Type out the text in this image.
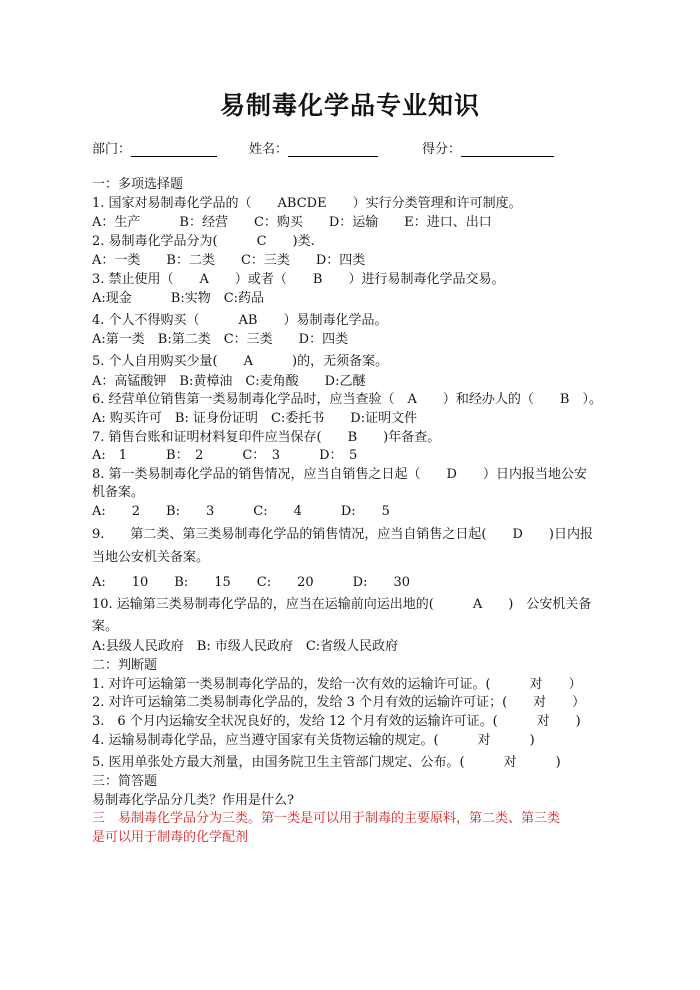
易制毒化学品专业知识
部门：	姓名：	得分：
一：多项选择题
1. 国家对易制毒化学品的（　　ABCDE　　）实行分类管理和许可制度。
A：生产　　　B：经营　　C：购买　　D：运输　　E：进口、出口
2. 易制毒化学品分为(　　　C　　)类.
A：一类　　B：二类　　C：三类　　D：四类
3. 禁止使用（　　A　　）或者（　　B　　）进行易制毒化学品交易。
A:现金　　　B:实物　C:药品
4. 个人不得购买（　　　AB　　）易制毒化学品。
A:第一类　B:第二类　C：三类　　D：四类
5. 个人自用购买少量(　　A　　　)的，无须备案。
A：高锰酸钾　B:黄樟油　C:麦角酸　　D:乙醚
6. 经营单位销售第一类易制毒化学品时，应当查验（　A　　）和经办人的（　　B　）。
A: 购买许可　B: 证身份证明　C:委托书　　D:证明文件
7. 销售台账和证明材料复印件应当保存(　　B　　)年备查。
A:　1　　　B：　2　　　C：　3　　　D：　5
8. 第一类易制毒化学品的销售情况，应当自销售之日起（　　D　　）日内报当地公安
机备案。
A:　　2　　B:　　3　　　C:　　4　　　D:　　5
9.　　第二类、第三类易制毒化学品的销售情况，应当自销售之日起(　　D　　)日内报
当地公安机关备案。
A:　　10　　B:　　15　　C:　　20　　　D:　　30
10. 运输第三类易制毒化学品的，应当在运输前向运出地的(　　　A　　)　公安机关备
案。
A:县级人民政府　B: 市级人民政府　C:省级人民政府
二：判断题
1. 对许可运输第一类易制毒化学品的，发给一次有效的运输许可证。(　　　对　　）
2. 对许可运输第二类易制毒化学品的，发给 3 个月有效的运输许可证；(　　对　　）
3.　6 个月内运输安全状况良好的，发给 12 个月有效的运输许可证。(　　　对　　)
4. 运输易制毒化学品，应当遵守国家有关货物运输的规定。(　　　对　　　)
5. 医用单张处方最大剂量，由国务院卫生主管部门规定、公布。(　　　对　　　)
三：简答题
易制毒化学品分几类？作用是什么?
三　易制毒化学品分为三类。第一类是可以用于制毒的主要原料，第二类、第三类
是可以用于制毒的化学配剂
